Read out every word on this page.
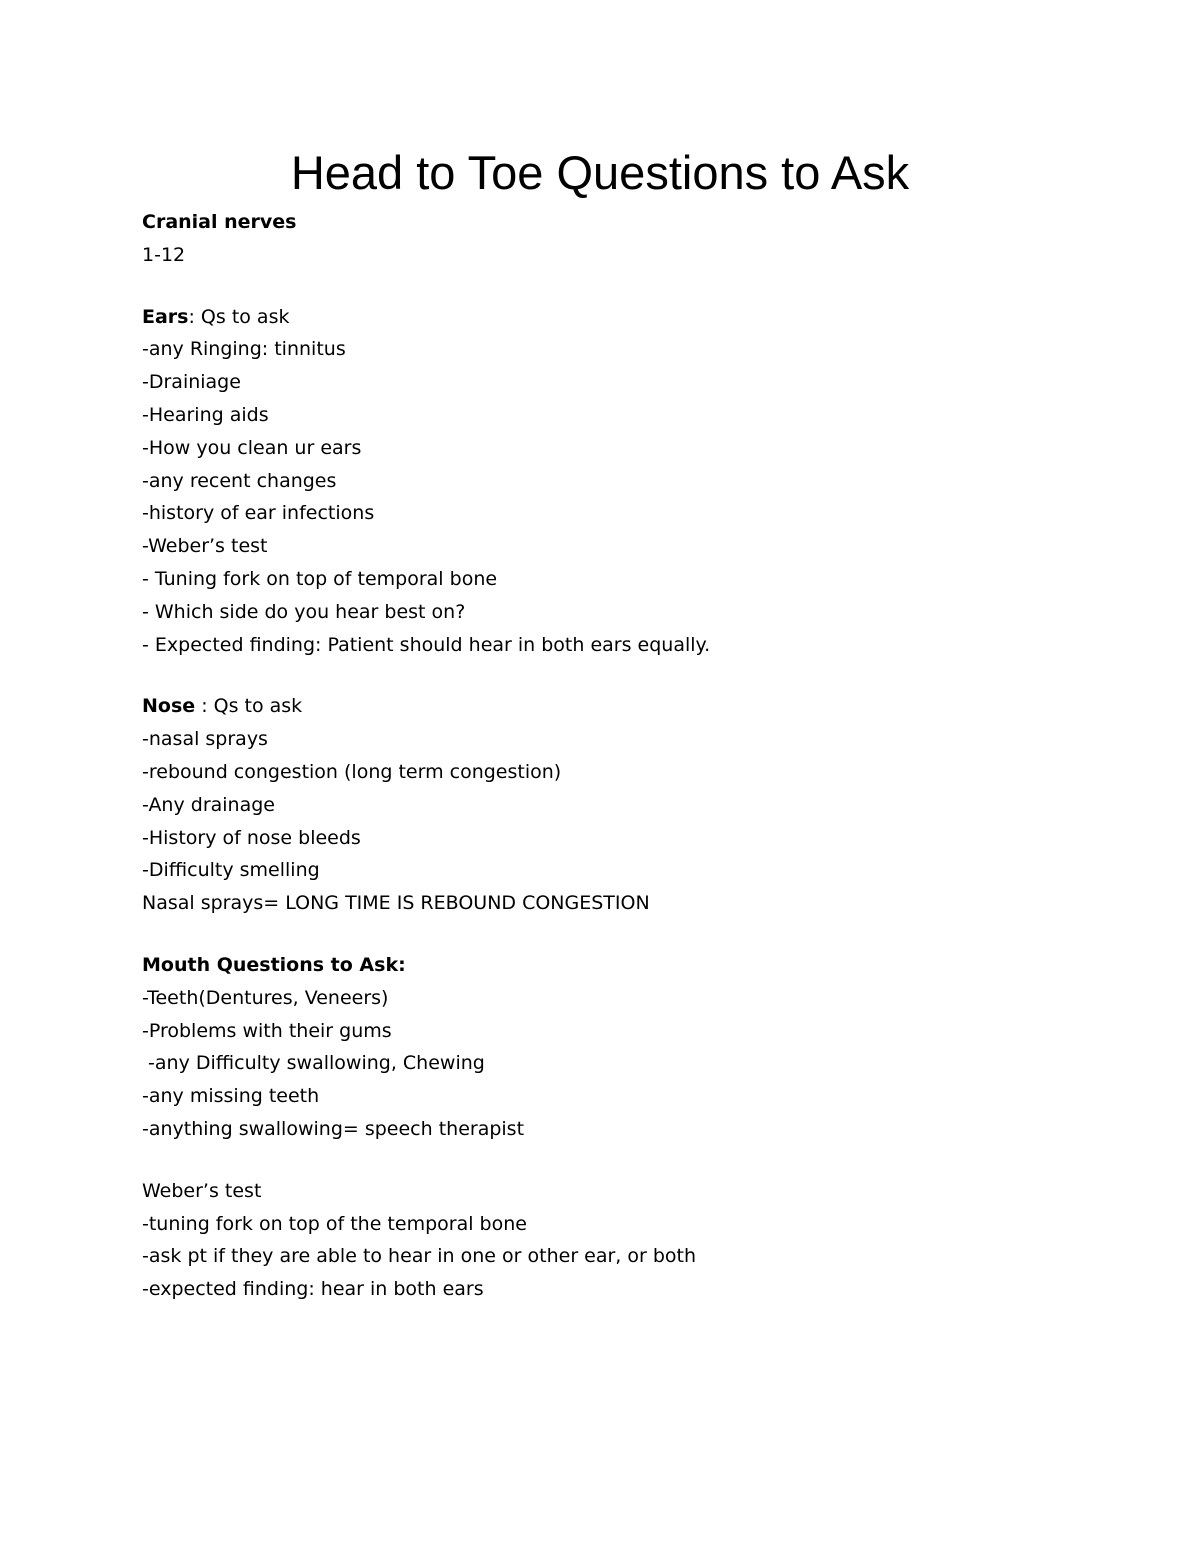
Head to Toe Questions to Ask
Cranial nerves
1-12
Ears: Qs to ask
-any Ringing: tinnitus
-Drainiage
-Hearing aids
-How you clean ur ears
-any recent changes
-history of ear infections
-Weber’s test
- Tuning fork on top of temporal bone
- Which side do you hear best on?
- Expected finding: Patient should hear in both ears equally.
Nose : Qs to ask
-nasal sprays
-rebound congestion (long term congestion)
-Any drainage
-History of nose bleeds
-Difficulty smelling
Nasal sprays= LONG TIME IS REBOUND CONGESTION
Mouth Questions to Ask:
-Teeth(Dentures, Veneers)
-Problems with their gums
-any Difficulty swallowing, Chewing
-any missing teeth
-anything swallowing= speech therapist
Weber’s test
-tuning fork on top of the temporal bone
-ask pt if they are able to hear in one or other ear, or both
-expected finding: hear in both ears
